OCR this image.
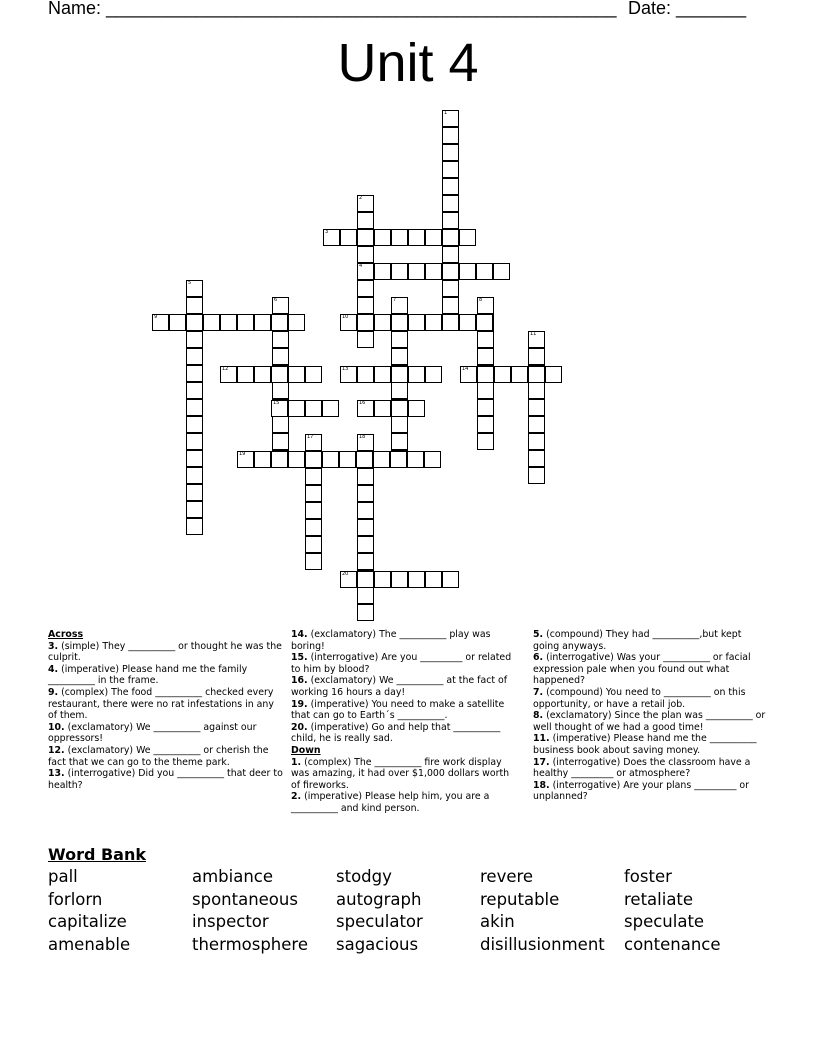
Name: ___________________________________________________ Date: _______
Unit 4
1
2
4
3
5
6	7	8
9	10
11
12	13	14
15	16
17	18
19
20
Across
3. (simple) They __________ or thought he was the culprit.
4. (imperative) Please hand me the family __________ in the frame.
9. (complex) The food __________ checked every restaurant, there were no rat infestations in any of them.
10. (exclamatory) We __________ against our oppressors!
12. (exclamatory) We __________ or cherish the fact that we can go to the theme park.
13. (interrogative) Did you __________ that deer to health?
14. (exclamatory) The __________ play was boring!
15. (interrogative) Are you _________ or related to him by blood?
16. (exclamatory) We __________ at the fact of working 16 hours a day!
19. (imperative) You need to make a satellite that can go to Earth´s __________.
20. (imperative) Go and help that __________ child, he is really sad.
Down
1. (complex) The __________ fire work display was amazing, it had over $1,000 dollars worth of fireworks.
2. (imperative) Please help him, you are a __________ and kind person.
5. (compound) They had __________,but kept going anyways.
6. (interrogative) Was your __________ or facial expression pale when you found out what happened?
7. (compound) You need to __________ on this opportunity, or have a retail job.
8. (exclamatory) Since the plan was __________ or well thought of we had a good time!
11. (imperative) Please hand me the __________ business book about saving money.
17. (interrogative) Does the classroom have a healthy _________ or atmosphere?
18. (interrogative) Are your plans _________ or unplanned?
Word Bank
pall	ambiance	stodgy	revere	foster
forlorn	spontaneous	autograph	reputable	retaliate
capitalize	inspector	speculator	akin	speculate
amenable	thermosphere	sagacious	disillusionment	contenance
